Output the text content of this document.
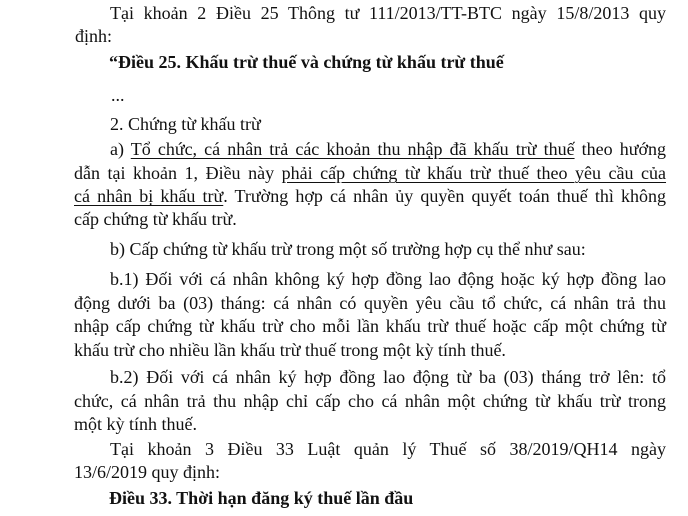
Tại khoản 2 Điều 25 Thông tư 111/2013/TT-BTC ngày 15/8/2013 quy
định:
“Điều 25. Khấu trừ thuế và chứng từ khấu trừ thuế
...
2. Chứng từ khấu trừ
a) Tổ chức, cá nhân trả các khoản thu nhập đã khấu trừ thuế theo hướng
dẫn tại khoản 1, Điều này phải cấp chứng từ khấu trừ thuế theo yêu cầu của
cá nhân bị khấu trừ. Trường hợp cá nhân ủy quyền quyết toán thuế thì không
cấp chứng từ khấu trừ.
b) Cấp chứng từ khấu trừ trong một số trường hợp cụ thể như sau:
b.1) Đối với cá nhân không ký hợp đồng lao động hoặc ký hợp đồng lao
động dưới ba (03) tháng: cá nhân có quyền yêu cầu tổ chức, cá nhân trả thu
nhập cấp chứng từ khấu trừ cho mỗi lần khấu trừ thuế hoặc cấp một chứng từ
khấu trừ cho nhiều lần khấu trừ thuế trong một kỳ tính thuế.
b.2) Đối với cá nhân ký hợp đồng lao động từ ba (03) tháng trở lên: tổ
chức, cá nhân trả thu nhập chỉ cấp cho cá nhân một chứng từ khấu trừ trong
một kỳ tính thuế.
Tại khoản 3 Điều 33 Luật quản lý Thuế số 38/2019/QH14 ngày
13/6/2019 quy định:
Điều 33. Thời hạn đăng ký thuế lần đầu
